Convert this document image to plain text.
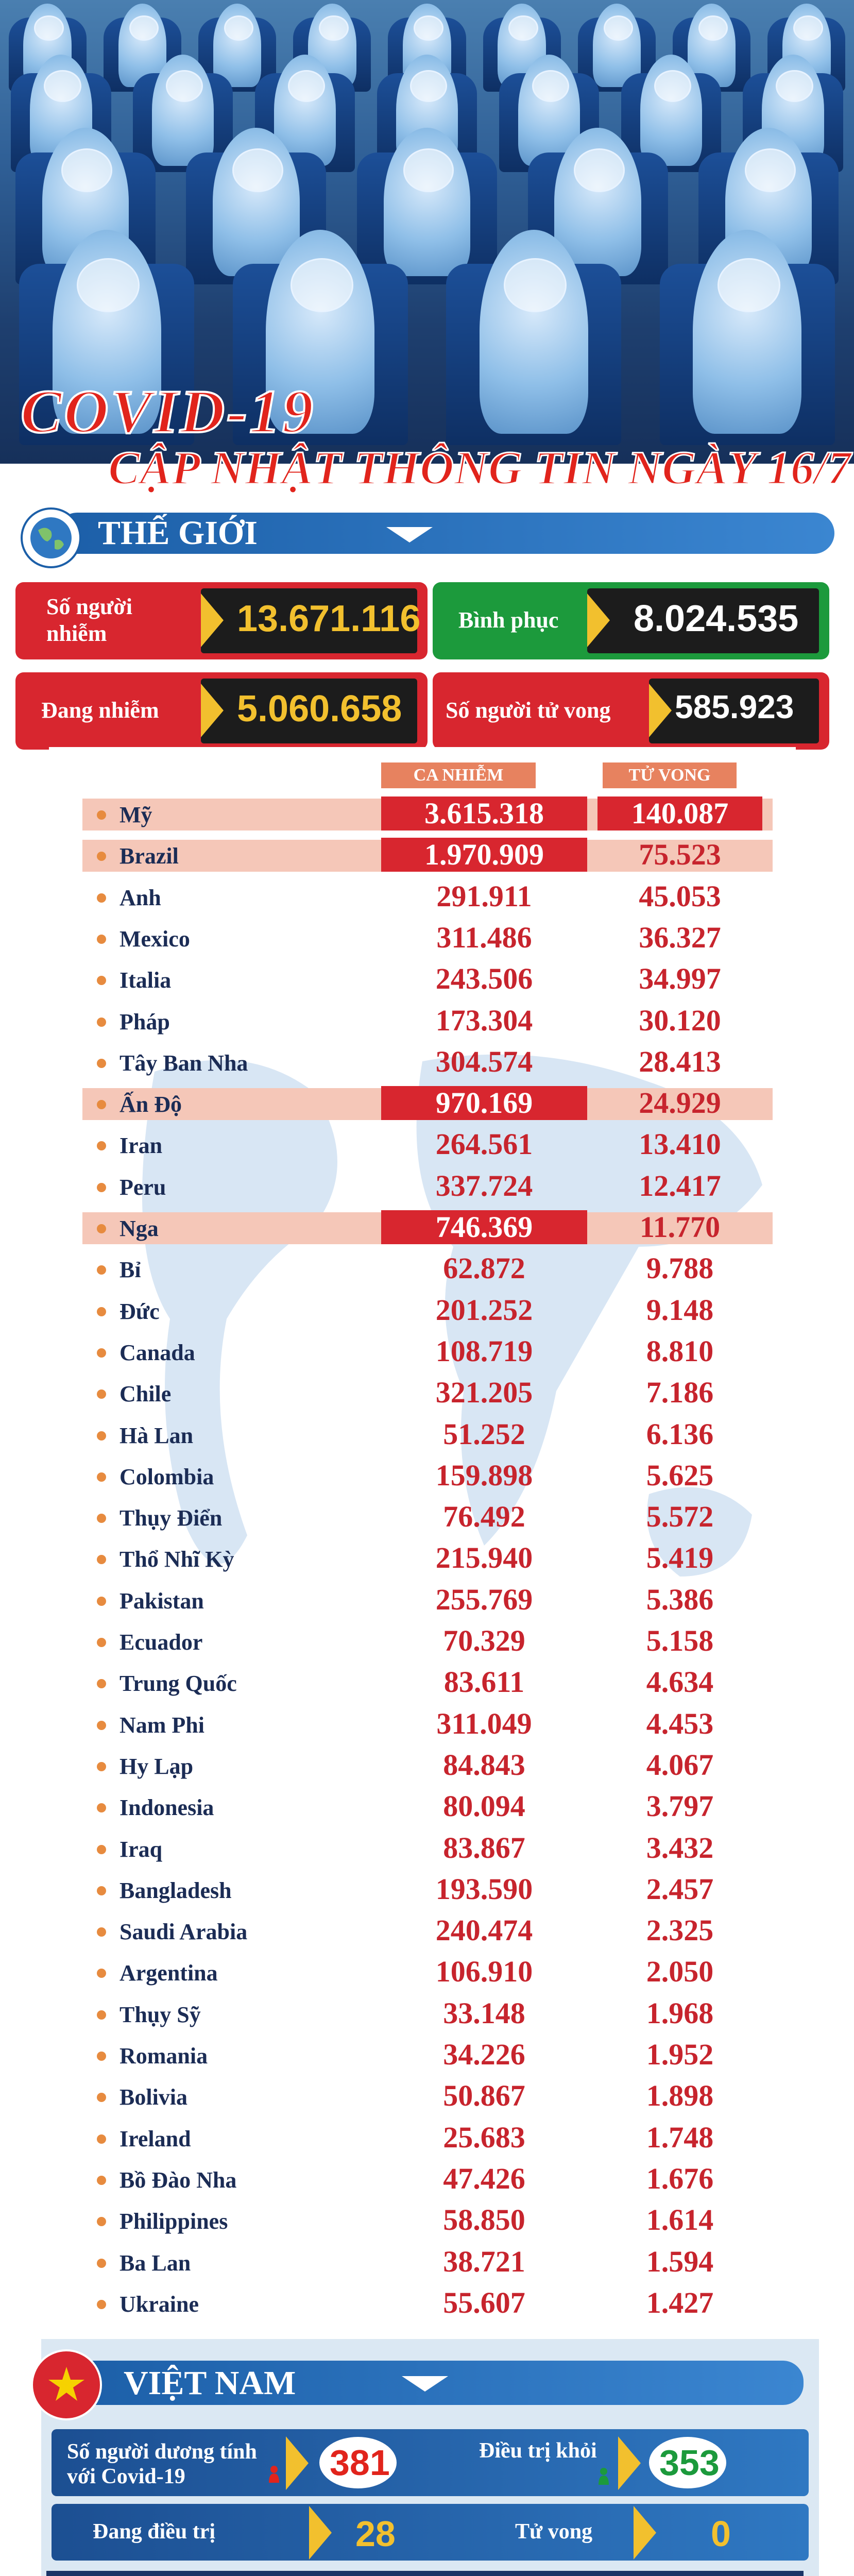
COVID-19
CẬP NHẬT THÔNG TIN NGÀY 16/7
THẾ GIỚI
Số người nhiễm	13.671.116 Bình phục 8.024.535
Đang nhiễm 5.060.658 Số người tử vong 585.923
CA NHIỄM	TỬ VONG
Mỹ	3.615.318	140.087
Brazil	1.970.909	75.523
Anh	291.911	45.053
Mexico	311.486	36.327
Italia	243.506	34.997
Pháp	173.304	30.120
Tây Ban Nha	304.574	28.413
Ấn Độ	970.169	24.929
Iran	264.561	13.410
Peru	337.724	12.417
Nga	746.369	11.770
Bỉ	62.872	9.788
Đức	201.252	9.148
Canada	108.719	8.810
Chile	321.205	7.186
Hà Lan	51.252	6.136
Colombia	159.898	5.625
Thụy Điển	76.492	5.572
Thổ Nhĩ Kỳ	215.940	5.419
Pakistan	255.769	5.386
Ecuador	70.329	5.158
Trung Quốc	83.611	4.634
Nam Phi	311.049	4.453
Hy Lạp	84.843	4.067
Indonesia	80.094	3.797
Iraq	83.867	3.432
Bangladesh	193.590	2.457
Saudi Arabia	240.474	2.325
Argentina	106.910	2.050
Thụy Sỹ	33.148	1.968
Romania	34.226	1.952
Bolivia	50.867	1.898
Ireland	25.683	1.748
Bồ Đào Nha	47.426	1.676
Philippines	58.850	1.614
Ba Lan	38.721	1.594
Ukraine	55.607	1.427
VIỆT NAM
Số người dương tính với Covid-19	381	Điều trị khỏi 353
Đang điều trị	28	Tử vong	0
